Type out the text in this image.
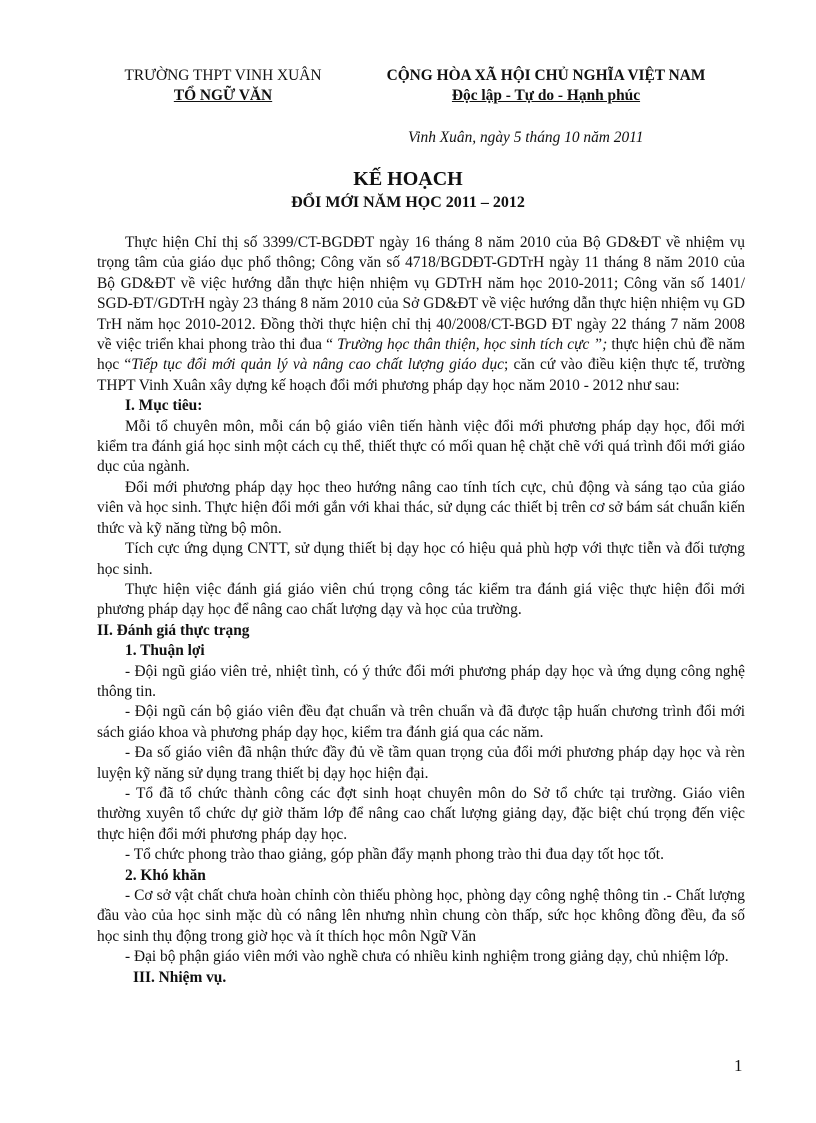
TRƯỜNG THPT VINH XUÂN
TỔ NGỮ VĂN
CỘNG HÒA XÃ HỘI CHỦ NGHĨA VIỆT NAM
Độc lập - Tự do - Hạnh phúc
Vinh Xuân, ngày 5 tháng 10 năm 2011
KẾ HOẠCH
ĐỔI MỚI NĂM HỌC 2011 – 2012

Thực hiện Chỉ thị số 3399/CT-BGDĐT ngày 16 tháng 8 năm 2010 của Bộ GD&ĐT về nhiệm vụ trọng tâm của giáo dục phổ thông; Công văn số 4718/BGDĐT-GDTrH ngày 11 tháng 8 năm 2010 của Bộ GD&ĐT về việc hướng dẫn thực hiện nhiệm vụ GDTrH năm học 2010-2011; Công văn số 1401/ SGD-ĐT/GDTrH ngày 23 tháng 8 năm 2010 của Sở GD&ĐT về việc hướng dẫn thực hiện nhiệm vụ GD TrH năm học 2010-2012. Đồng thời thực hiện chỉ thị 40/2008/CT-BGD ĐT ngày 22 tháng 7 năm 2008 về việc triển khai phong trào thi đua “ Trường học thân thiện, học sinh tích cực ”; thực hiện chủ đề năm học “Tiếp tục đổi mới quản lý và nâng cao chất lượng giáo dục; căn cứ vào điều kiện thực tế, trường THPT Vinh Xuân xây dựng kế hoạch đổi mới phương pháp dạy học năm 2010 - 2012 như sau:

I. Mục tiêu:

Mỗi tổ chuyên môn, mỗi cán bộ giáo viên tiến hành việc đổi mới phương pháp dạy học, đổi mới kiểm tra đánh giá học sinh một cách cụ thể, thiết thực có mối quan hệ chặt chẽ với quá trình đổi mới giáo dục của ngành.

Đổi mới phương pháp dạy học theo hướng nâng cao tính tích cực, chủ động và sáng tạo của giáo viên và học sinh. Thực hiện đổi mới gắn với khai thác, sử dụng các thiết bị trên cơ sở bám sát chuẩn kiến thức và kỹ năng từng bộ môn.

Tích cực ứng dụng CNTT, sử dụng thiết bị dạy học có hiệu quả phù hợp với thực tiễn và đối tượng học sinh.

Thực hiện việc đánh giá giáo viên chú trọng công tác kiểm tra đánh giá việc thực hiện đổi mới phương pháp dạy học để nâng cao chất lượng dạy và học của trường.

II. Đánh giá thực trạng

1. Thuận lợi

- Đội ngũ giáo viên trẻ, nhiệt tình, có ý thức đổi mới phương pháp dạy học và ứng dụng công nghệ thông tin.

- Đội ngũ cán bộ giáo viên đều đạt chuẩn và trên chuẩn và đã được tập huấn chương trình đổi mới sách giáo khoa và phương pháp dạy học, kiểm tra đánh giá qua các năm.

- Đa số giáo viên đã nhận thức đầy đủ về tầm quan trọng của đổi mới phương pháp dạy học và rèn luyện kỹ năng sử dụng trang thiết bị dạy học hiện đại.

- Tổ đã tổ chức thành công các đợt sinh hoạt chuyên môn do Sở tổ chức tại trường. Giáo viên thường xuyên tổ chức dự giờ thăm lớp để nâng cao chất lượng giảng dạy, đặc biệt chú trọng đến việc thực hiện đổi mới phương pháp dạy học.

- Tổ chức phong trào thao giảng, góp phần đẩy mạnh phong trào thi đua dạy tốt học tốt.

2. Khó khăn

- Cơ sở vật chất chưa hoàn chỉnh còn thiếu phòng học, phòng dạy công nghệ thông tin .- Chất lượng đầu vào của học sinh mặc dù có nâng lên nhưng nhìn chung còn thấp, sức học không đồng đều, đa số học sinh thụ động trong giờ học và ít thích học môn Ngữ Văn

- Đại bộ phận giáo viên mới vào nghề chưa có nhiều kinh nghiệm trong giảng dạy, chủ nhiệm lớp.

III. Nhiệm vụ.

1
